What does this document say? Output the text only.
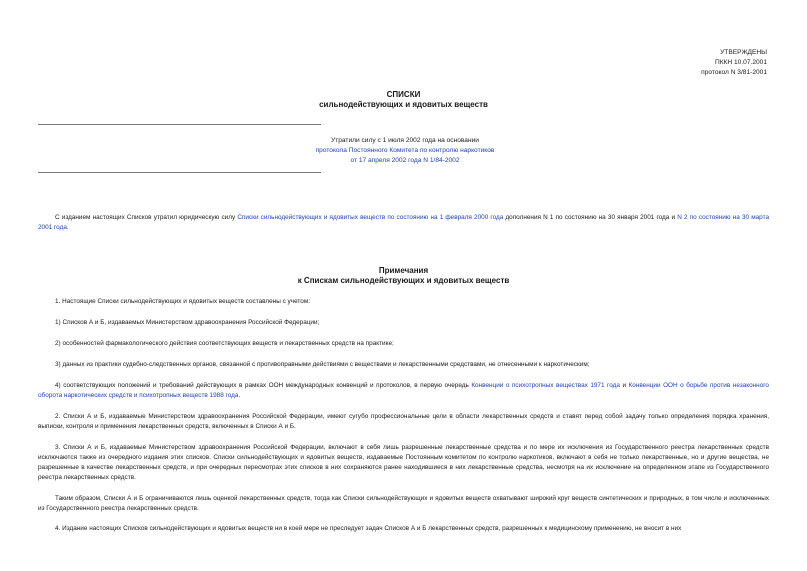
УТВЕРЖДЕНЫ
ПККН 10.07.2001
протокол N 3/81-2001
СПИСКИ
сильнодействующих и ядовитых веществ
Утратили силу с 1 июля 2002 года на основании
протокола Постоянного Комитета по контролю наркотиков
от 17 апреля 2002 года N 1/84-2002
С изданием настоящих Списков утратил юридическую силу Списки сильнодействующих и ядовитых веществ по состоянию на 1 февраля 2000 года дополнения N 1 по состоянию на 30 января 2001 года и N 2 по состоянию на 30 марта 2001 года.
Примечания
к Спискам сильнодействующих и ядовитых веществ
1. Настоящие Списки сильнодействующих и ядовитых веществ составлены с учетом:
1) Списков А и Б, издаваемых Министерством здравоохранения Российской Федерации;
2) особенностей фармакологического действия соответствующих веществ и лекарственных средств на практике;
3) данных из практики судебно-следственных органов, связанной с противоправными действиями с веществами и лекарственными средствами, не отнесенными к наркотическим;
4) соответствующих положений и требований действующих в рамках ООН международных конвенций и протоколов, в первую очередь Конвенции о психотропных веществах 1971 года и Конвенции ООН о борьбе против незаконного оборота наркотических средств и психотропных веществ 1988 года.
2. Списки А и Б, издаваемые Министерством здравоохранения Российской Федерации, имеют сугубо профессиональные цели в области лекарственных средств и ставят перед собой задачу только определения порядка хранения, выписки, контроля и применения лекарственных средств, включенных в Списки А и Б.
3. Списки А и Б, издаваемые Министерством здравоохранения Российской Федерации, включают в себя лишь разрешенные лекарственные средства и по мере их исключения из Государственного реестра лекарственных средств исключаются также из очередного издания этих списков. Списки сильнодействующих и ядовитых веществ, издаваемые Постоянным комитетом по контролю наркотиков, включают в себя не только лекарственные, но и другие вещества, не разрешенные в качестве лекарственных средств, и при очередных пересмотрах этих списков в них сохраняются ранее находившиеся в них лекарственные средства, несмотря на их исключение на определенном этапе из Государственного реестра лекарственных средств.
Таким образом, Списки А и Б ограничиваются лишь оценкой лекарственных средств, тогда как Списки сильнодействующих и ядовитых веществ охватывают широкий круг веществ синтетических и природных, в том числе и исключенных из Государственного реестра лекарственных средств.
4. Издание настоящих Списков сильнодействующих и ядовитых веществ ни в коей мере не преследует задач Списков А и Б лекарственных средств, разрешенных к медицинскому применению, не вносит в них
